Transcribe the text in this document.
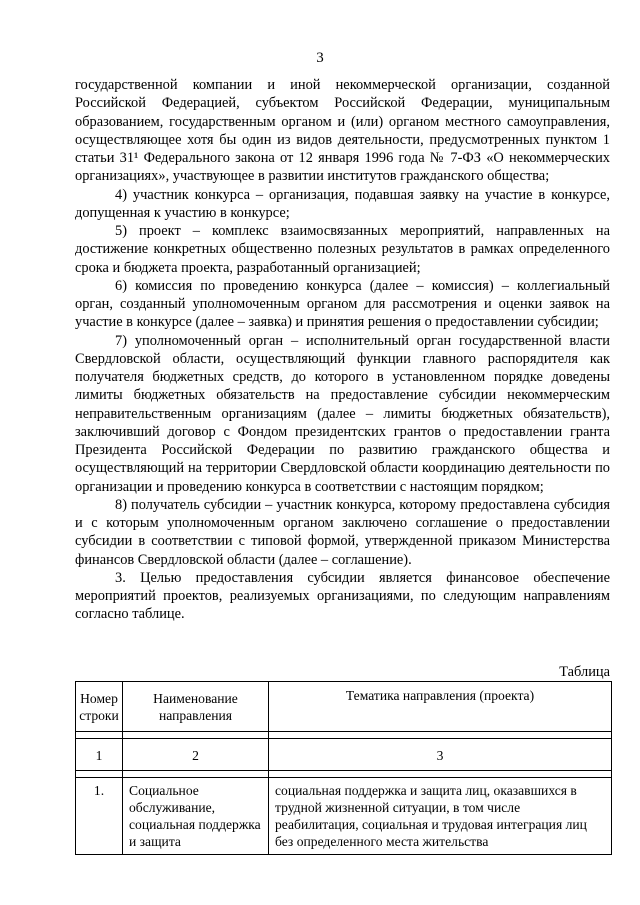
3

государственной компании и иной некоммерческой организации, созданной Российской Федерацией, субъектом Российской Федерации, муниципальным образованием, государственным органом и (или) органом местного самоуправления, осуществляющее хотя бы один из видов деятельности, предусмотренных пунктом 1 статьи 31¹ Федерального закона от 12 января 1996 года № 7-ФЗ «О некоммерческих организациях», участвующее в развитии институтов гражданского общества;

4) участник конкурса – организация, подавшая заявку на участие в конкурсе, допущенная к участию в конкурсе;

5) проект – комплекс взаимосвязанных мероприятий, направленных на достижение конкретных общественно полезных результатов в рамках определенного срока и бюджета проекта, разработанный организацией;

6) комиссия по проведению конкурса (далее – комиссия) – коллегиальный орган, созданный уполномоченным органом для рассмотрения и оценки заявок на участие в конкурсе (далее – заявка) и принятия решения о предоставлении субсидии;

7) уполномоченный орган – исполнительный орган государственной власти Свердловской области, осуществляющий функции главного распорядителя как получателя бюджетных средств, до которого в установленном порядке доведены лимиты бюджетных обязательств на предоставление субсидии некоммерческим неправительственным организациям (далее – лимиты бюджетных обязательств), заключивший договор с Фондом президентских грантов о предоставлении гранта Президента Российской Федерации по развитию гражданского общества и осуществляющий на территории Свердловской области координацию деятельности по организации и проведению конкурса в соответствии с настоящим порядком;

8) получатель субсидии – участник конкурса, которому предоставлена субсидия и с которым уполномоченным органом заключено соглашение о предоставлении субсидии в соответствии с типовой формой, утвержденной приказом Министерства финансов Свердловской области (далее – соглашение).

3. Целью предоставления субсидии является финансовое обеспечение мероприятий проектов, реализуемых организациями, по следующим направлениям согласно таблице.

Таблица
Номер строки	Наименование направления	Тематика направления (проекта)

1	2	3

1.	Социальное обслуживание, социальная поддержка и защита	социальная поддержка и защита лиц, оказавшихся в трудной жизненной ситуации, в том числе реабилитация, социальная и трудовая интеграция лиц без определенного места жительства
